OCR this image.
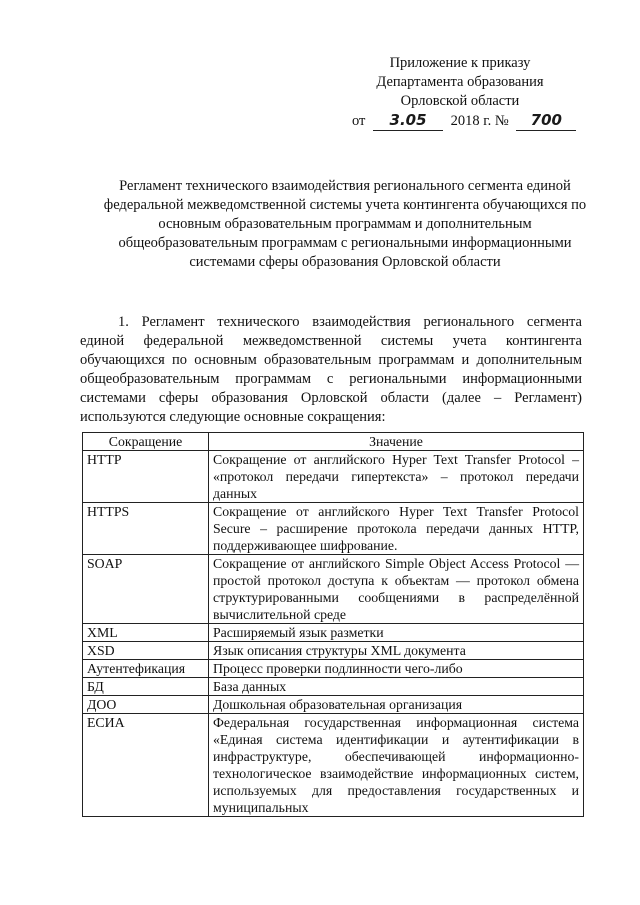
Приложение к приказу
Департамента образования
Орловской области
от 3.05 2018 г. № 700
Регламент технического взаимодействия регионального сегмента единой федеральной межведомственной системы учета контингента обучающихся по основным образовательным программам и дополнительным общеобразовательным программам с региональными информационными системами сферы образования Орловской области
1. Регламент технического взаимодействия регионального сегмента единой федеральной межведомственной системы учета контингента обучающихся по основным образовательным программам и дополнительным общеобразовательным программам с региональными информационными системами сферы образования Орловской области (далее – Регламент) используются следующие основные сокращения:
Сокращение	Значение
HTTP	Сокращение от английского Hyper Text Transfer Protocol – «протокол передачи гипертекста» – протокол передачи данных
HTTPS	Сокращение от английского Hyper Text Transfer Protocol Secure – расширение протокола передачи данных HTTP, поддерживающее шифрование.
SOAP	Сокращение от английского Simple Object Access Protocol — простой протокол доступа к объектам — протокол обмена структурированными сообщениями в распределённой вычислительной среде
XML	Расширяемый язык разметки
XSD	Язык описания структуры XML документа
Аутентефикация	Процесс проверки подлинности чего-либо
БД	База данных
ДОО	Дошкольная образовательная организация
ЕСИА	Федеральная государственная информационная система «Единая система идентификации и аутентификации в инфраструктуре, обеспечивающей информационно-технологическое взаимодействие информационных систем, используемых для предоставления государственных и муниципальных
